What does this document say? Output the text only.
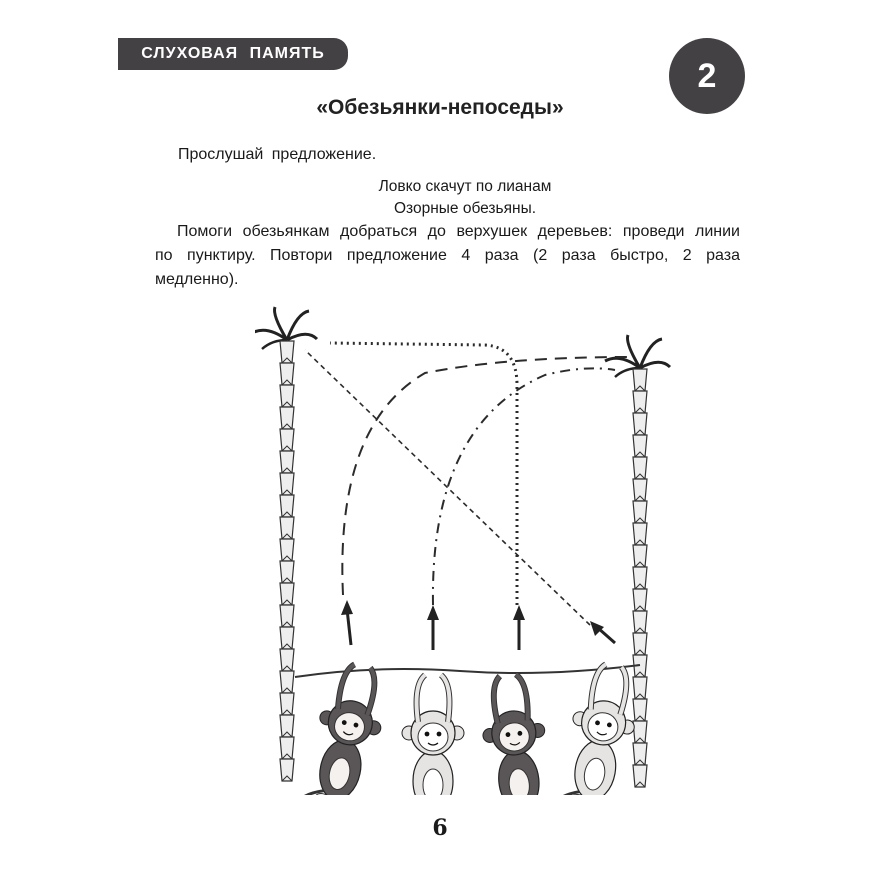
СЛУХОВАЯ ПАМЯТЬ
2
«Обезьянки-непоседы»
Прослушай предложение.
Ловко скачут по лианам
Озорные обезьяны.
Помоги обезьянкам добраться до верхушек деревьев: проведи линии по пунктиру. Повтори предложение 4 раза (2 раза быстро, 2 раза медленно).
6
